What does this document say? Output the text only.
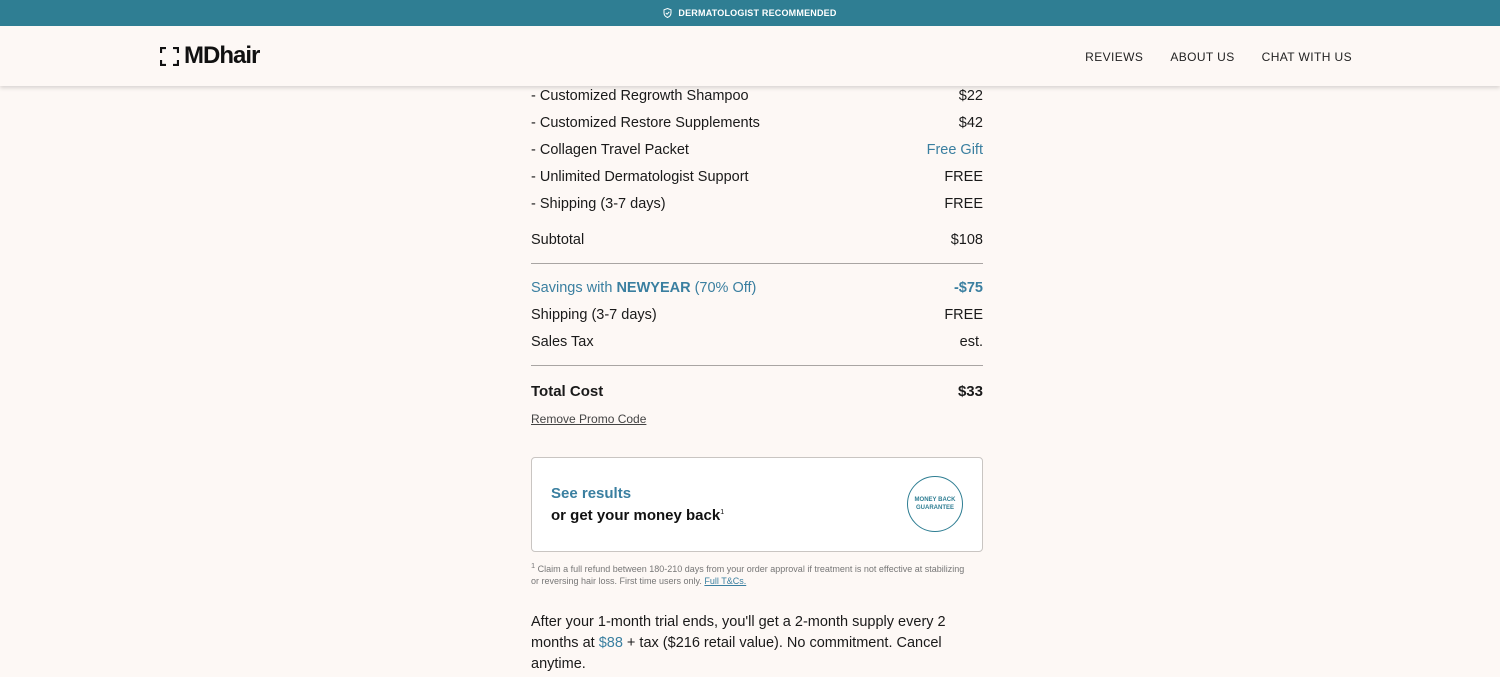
DERMATOLOGIST RECOMMENDED
MDhair	REVIEWS ABOUT US CHAT WITH US
- Customized Regrowth Shampoo	$22
- Customized Restore Supplements	$42
- Collagen Travel Packet	Free Gift
- Unlimited Dermatologist Support	FREE
- Shipping (3-7 days)	FREE
Subtotal	$108
Savings with NEWYEAR (70% Off)	-$75
Shipping (3-7 days)	FREE
Sales Tax	est.
Total Cost	$33
Remove Promo Code
See results
or get your money back$^1$
MONEY BACK GUARANTEE
$^1$ Claim a full refund between 180-210 days from your order approval if treatment is not effective at stabilizing or reversing hair loss. First time users only. Full T&Cs.
After your 1-month trial ends, you'll get a 2-month supply every 2 months at $88 + tax ($216 retail value). No commitment. Cancel anytime.
